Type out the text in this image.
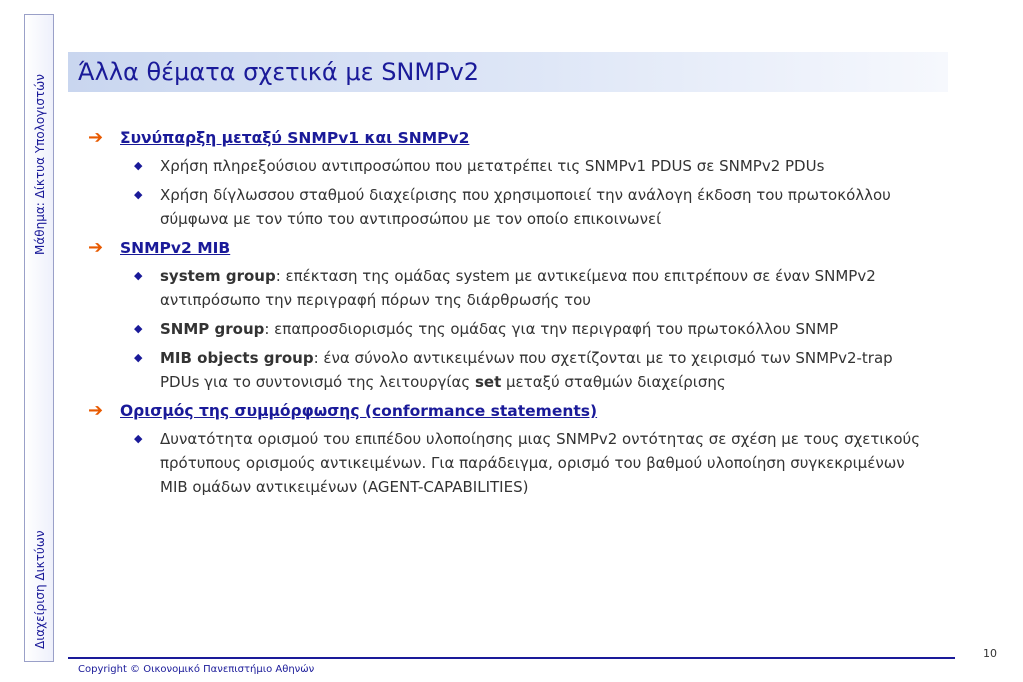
Μάθημα: Δίκτυα Υπολογιστών
Διαχείριση Δικτύων
Άλλα θέματα σχετικά με SNMPv2
➔	Συνύπαρξη μεταξύ SNMPv1 και SNMPv2
◆	Χρήση πληρεξούσιου αντιπροσώπου που μετατρέπει τις SNMPv1 PDUS σε SNMPv2 PDUs
◆	Χρήση δίγλωσσου σταθμού διαχείρισης που χρησιμοποιεί την ανάλογη έκδοση του πρωτοκόλλου σύμφωνα με τον τύπο του αντιπροσώπου με τον οποίο επικοινωνεί
➔	SNMPv2 MIB
◆	system group: επέκταση της ομάδας system με αντικείμενα που επιτρέπουν σε έναν SNMPv2 αντιπρόσωπο την περιγραφή πόρων της διάρθρωσής του
◆	SNMP group: επαπροσδιορισμός της ομάδας για την περιγραφή του πρωτοκόλλου SNMP
◆	MIB objects group: ένα σύνολο αντικειμένων που σχετίζονται με το χειρισμό των SNMPv2-trap PDUs για το συντονισμό της λειτουργίας set μεταξύ σταθμών διαχείρισης
➔	Ορισμός της συμμόρφωσης (conformance statements)
◆	Δυνατότητα ορισμού του επιπέδου υλοποίησης μιας SNMPv2 οντότητας σε σχέση με τους σχετικούς πρότυπους ορισμούς αντικειμένων. Για παράδειγμα, ορισμό του βαθμού υλοποίηση συγκεκριμένων MIB ομάδων αντικειμένων (AGENT-CAPABILITIES)
Copyright © Οικονομικό Πανεπιστήμιο Αθηνών
10
